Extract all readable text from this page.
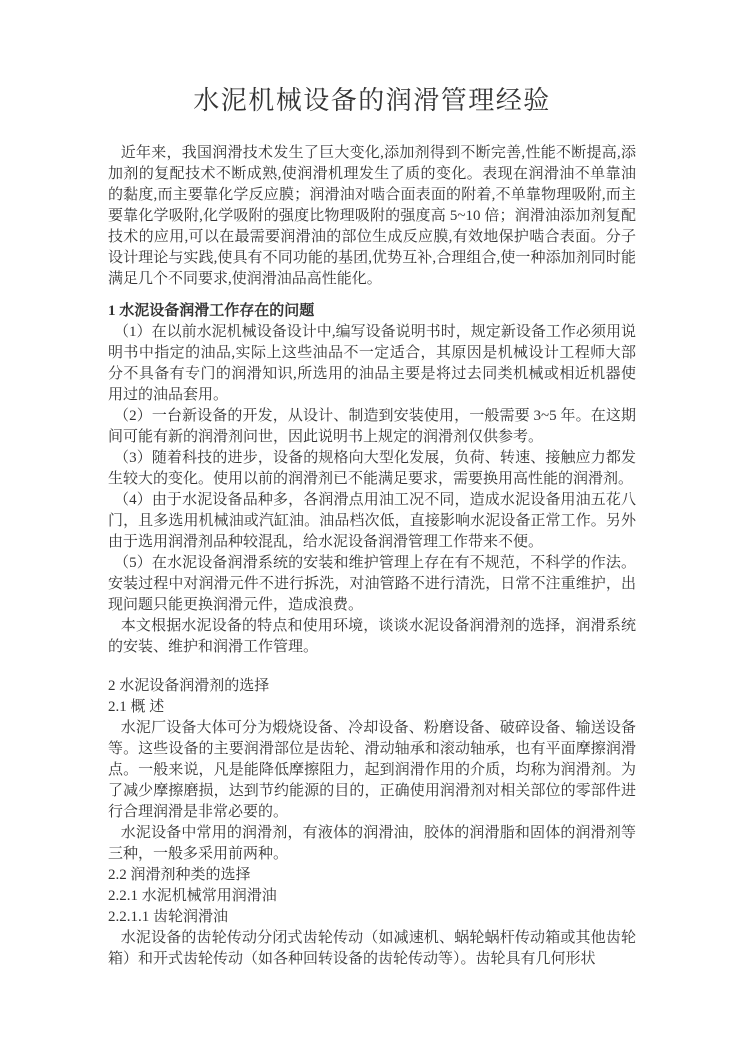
水泥机械设备的润滑管理经验

近年来，我国润滑技术发生了巨大变化,添加剂得到不断完善,性能不断提高,添加剂的复配技术不断成熟,使润滑机理发生了质的变化。表现在润滑油不单靠油的黏度,而主要靠化学反应膜；润滑油对啮合面表面的附着,不单靠物理吸附,而主要靠化学吸附,化学吸附的强度比物理吸附的强度高 5~10 倍；润滑油添加剂复配技术的应用,可以在最需要润滑油的部位生成反应膜,有效地保护啮合表面。分子设计理论与实践,使具有不同功能的基团,优势互补,合理组合,使一种添加剂同时能满足几个不同要求,使润滑油品高性能化。

1 水泥设备润滑工作存在的问题

（1）在以前水泥机械设备设计中,编写设备说明书时，规定新设备工作必须用说明书中指定的油品,实际上这些油品不一定适合，其原因是机械设计工程师大部分不具备有专门的润滑知识,所选用的油品主要是将过去同类机械或相近机器使用过的油品套用。

（2）一台新设备的开发，从设计、制造到安装使用，一般需要 3~5 年。在这期间可能有新的润滑剂问世，因此说明书上规定的润滑剂仅供参考。

（3）随着科技的进步，设备的规格向大型化发展，负荷、转速、接触应力都发生较大的变化。使用以前的润滑剂已不能满足要求，需要换用高性能的润滑剂。

（4）由于水泥设备品种多，各润滑点用油工况不同，造成水泥设备用油五花八门，且多选用机械油或汽缸油。油品档次低，直接影响水泥设备正常工作。另外由于选用润滑剂品种较混乱，给水泥设备润滑管理工作带来不便。

（5）在水泥设备润滑系统的安装和维护管理上存在有不规范，不科学的作法。安装过程中对润滑元件不进行拆洗，对油管路不进行清洗，日常不注重维护，出现问题只能更换润滑元件，造成浪费。

本文根据水泥设备的特点和使用环境，谈谈水泥设备润滑剂的选择，润滑系统的安装、维护和润滑工作管理。

2 水泥设备润滑剂的选择

2.1 概 述

水泥厂设备大体可分为煅烧设备、冷却设备、粉磨设备、破碎设备、输送设备等。这些设备的主要润滑部位是齿轮、滑动轴承和滚动轴承，也有平面摩擦润滑点。一般来说，凡是能降低摩擦阻力，起到润滑作用的介质，均称为润滑剂。为了减少摩擦磨损，达到节约能源的目的，正确使用润滑剂对相关部位的零部件进行合理润滑是非常必要的。

水泥设备中常用的润滑剂，有液体的润滑油，胶体的润滑脂和固体的润滑剂等三种，一般多采用前两种。

2.2 润滑剂种类的选择

2.2.1 水泥机械常用润滑油

2.2.1.1 齿轮润滑油

水泥设备的齿轮传动分闭式齿轮传动（如减速机、蜗轮蜗杆传动箱或其他齿轮箱）和开式齿轮传动（如各种回转设备的齿轮传动等）。齿轮具有几何形状
